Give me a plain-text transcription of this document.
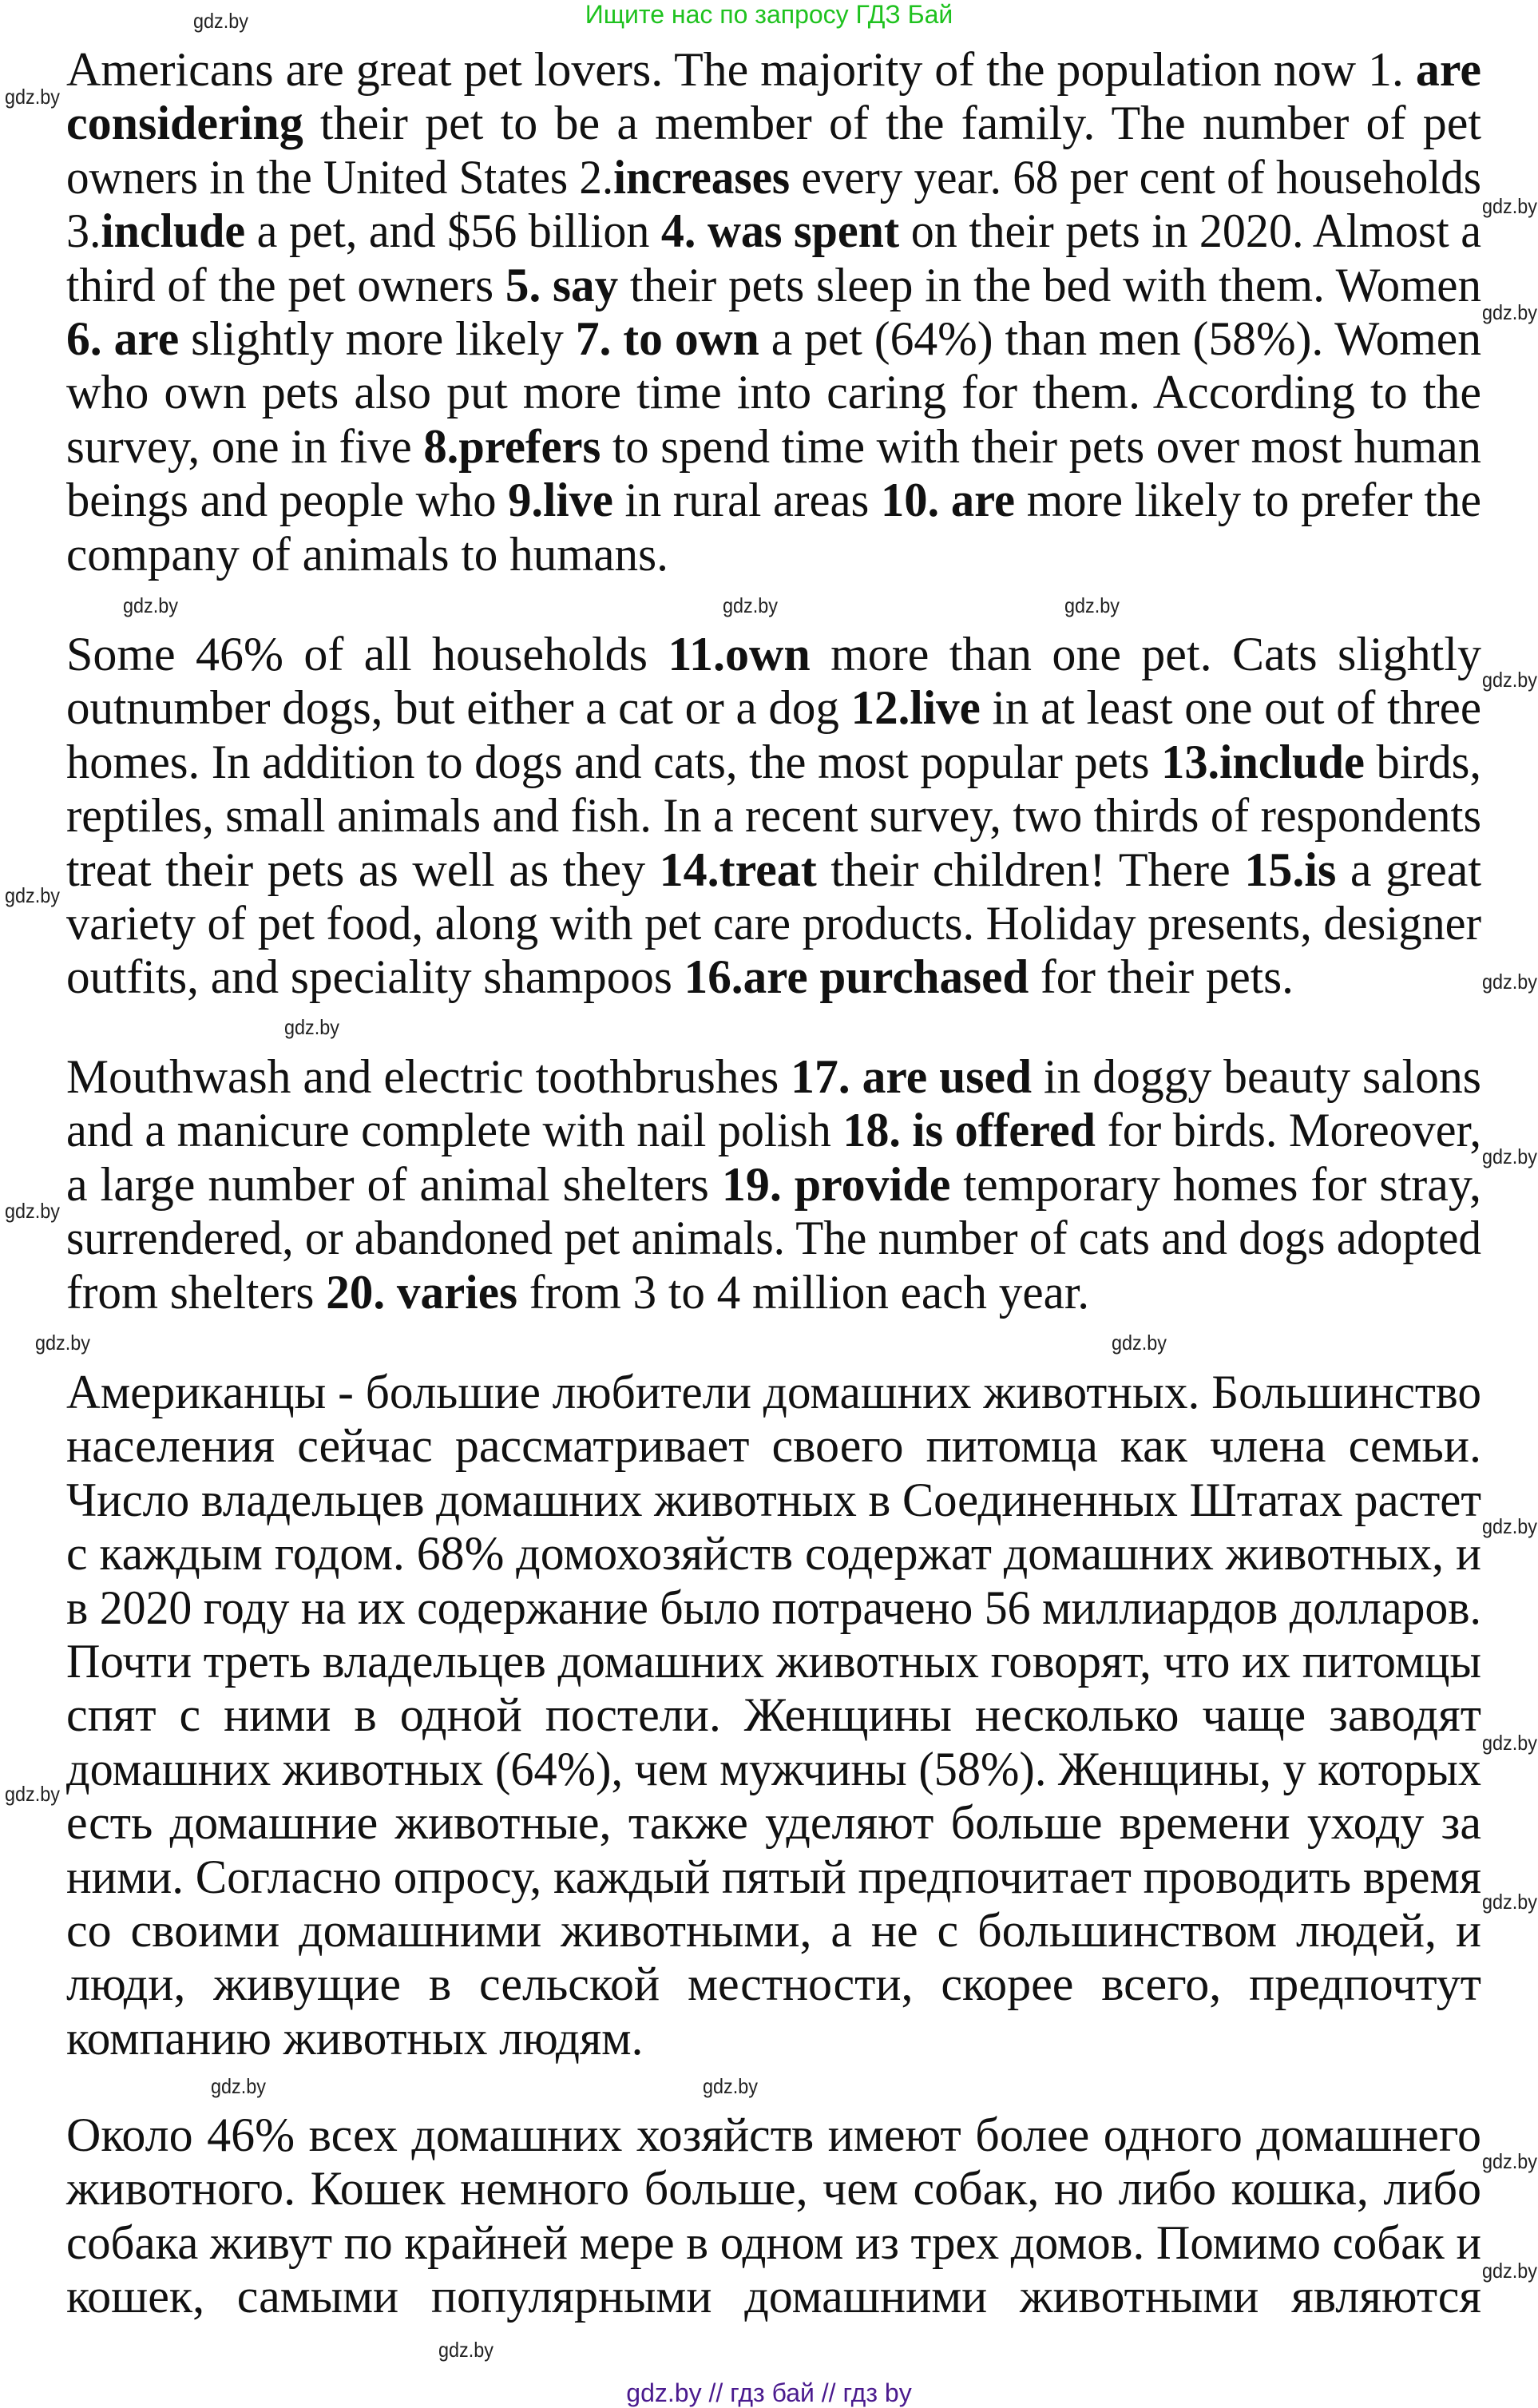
Ищите нас по запросу ГДЗ Бай
Americans are great pet lovers. The majority of the population now 1. are
considering their pet to be a member of the family. The number of pet
owners in the United States 2.increases every year. 68 per cent of households
3.include a pet, and $56 billion 4. was spent on their pets in 2020. Almost a
third of the pet owners 5. say their pets sleep in the bed with them. Women
6. are slightly more likely 7. to own a pet (64%) than men (58%). Women
who own pets also put more time into caring for them. According to the
survey, one in five 8.prefers to spend time with their pets over most human
beings and people who 9.live in rural areas 10. are more likely to prefer the
company of animals to humans.
Some 46% of all households 11.own more than one pet. Cats slightly
outnumber dogs, but either a cat or a dog 12.live in at least one out of three
homes. In addition to dogs and cats, the most popular pets 13.include birds,
reptiles, small animals and fish. In a recent survey, two thirds of respondents
treat their pets as well as they 14.treat their children! There 15.is a great
variety of pet food, along with pet care products. Holiday presents, designer
outfits, and speciality shampoos 16.are purchased for their pets.
Mouthwash and electric toothbrushes 17. are used in doggy beauty salons
and a manicure complete with nail polish 18. is offered for birds. Moreover,
a large number of animal shelters 19. provide temporary homes for stray,
surrendered, or abandoned pet animals. The number of cats and dogs adopted
from shelters 20. varies from 3 to 4 million each year.
Американцы - большие любители домашних животных. Большинство
населения сейчас рассматривает своего питомца как члена семьи.
Число владельцев домашних животных в Соединенных Штатах растет
с каждым годом. 68% домохозяйств содержат домашних животных, и
в 2020 году на их содержание было потрачено 56 миллиардов долларов.
Почти треть владельцев домашних животных говорят, что их питомцы
спят с ними в одной постели. Женщины несколько чаще заводят
домашних животных (64%), чем мужчины (58%). Женщины, у которых
есть домашние животные, также уделяют больше времени уходу за
ними. Согласно опросу, каждый пятый предпочитает проводить время
со своими домашними животными, а не с большинством людей, и
люди, живущие в сельской местности, скорее всего, предпочтут
компанию животных людям.
Около 46% всех домашних хозяйств имеют более одного домашнего
животного. Кошек немного больше, чем собак, но либо кошка, либо
собака живут по крайней мере в одном из трех домов. Помимо собак и
кошек, самыми популярными домашними животными являются
gdz.by
gdz.by
gdz.by
gdz.by
gdz.by	gdz.by
gdz.by
gdz.by
gdz.by
gdz.by
gdz.by
gdz.by
gdz.by
gdz.by
gdz.by
gdz.by
gdz.by
gdz.by
gdz.by
gdz.by
gdz.by
gdz.by
gdz.by
gdz.by
gdz.by // гдз бай // гдз by
